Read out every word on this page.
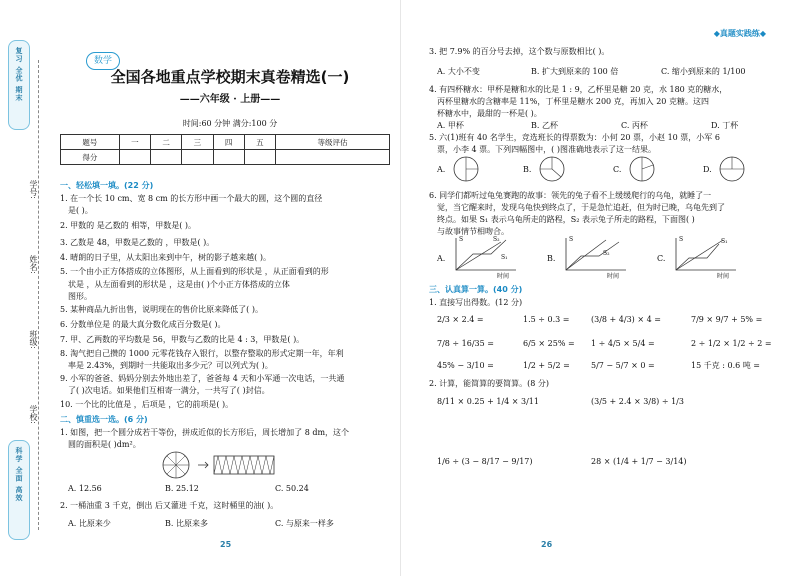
复习 全优 期末
科学 全面 高效
学号:
姓名:
班级:
学校:
数学
全国各地重点学校期末真卷精选(一)
——六年级 · 上册——
时间:60 分钟 满分:100 分
题号	一	二	三	四	五	等级评估
得分						
一、轻松填一填。(22 分)
1. 在一个长 10 cm、宽 8 cm 的长方形中画一个最大的圆，这个圆的直径
是( )。
2. 甲数的 是乙数的 相等，甲数是( )。
3. 乙数是 48，甲数是乙数的 ，甲数是( )。
4. 晴朗的日子里，从太阳出来到中午，树的影子越来越( )。
5. 一个由小正方体搭成的立体图形，从上面看到的形状是 ，从正面看到的形
状是 ，从左面看到的形状是 ，这是由( )个小正方体搭成的立体
图形。
5. 某种商品九折出售，说明现在的售价比原来降低了( )。
6. 分数单位是 的最大真分数化成百分数是( )。
7. 甲、乙两数的平均数是 56，甲数与乙数的比是 4 : 3，甲数是( )。
8. 淘气把自己攒的 1000 元零花钱存入银行，以整存整取的形式定期一年，年利
率是 2.43%，到期时一共能取出多少元？可以列式为( )。
9. 小军的爸爸、妈妈分别去外地出差了，爸爸每 4 天和小军通一次电话，一共通
了( )次电话。如果他们互相寄一满分，一共写了( )封信。
10. 一个比的比值是 ，后项是 ，它的前项是( )。
二、慎重选一选。(6 分)
1. 如图，把一个圆分成若干等份，拼成近似的长方形后，周长增加了 8 dm，这个
圆的面积是( )dm²。
A. 12.56	B. 25.12	C. 50.24
2. 一桶油重 3 千克，倒出 后又灌进 千克，这时桶里的油( )。
A. 比原来少	B. 比原来多	C. 与原来一样多
25
◆真题实践练◆
3. 把 7.9% 的百分号去掉，这个数与原数相比( )。
A. 大小不变	B. 扩大到原来的 100 倍	C. 缩小到原来的 1/100
4. 有四杯糖水：甲杯是糖和水的比是 1 : 9，乙杯里是糖 20 克，水 180 克的糖水，
丙杯里糖水的含糖率是 11%，丁杯里是糖水 200 克，再加入 20 克糖。这四
杯糖水中，最甜的一杯是( )。
A. 甲杯	B. 乙杯	C. 丙杯	D. 丁杯
5. 六(1)班有 40 名学生，竞选班长的得票数为：小何 20 票，小赵 10 票，小军 6
票，小李 4 票。下列四幅图中，( )图准确地表示了这一结果。
A.	B.	C.	D.
6. 同学们都听过龟兔赛跑的故事：领先的兔子看不上缓缓爬行的乌龟，就睡了一
觉，当它醒来时，发现乌龟快到终点了，于是急忙追赶，但为时已晚，乌龟先到了
终点。如果 S₁ 表示乌龟所走的路程，S₂ 表示兔子所走的路程，下面图( )
与故事情节相吻合。
A.
S	S₂
S₁
时间
B.
S
S₂
时间
C.
S	S₁
时间
三、认真算一算。(40 分)
1. 直接写出得数。(12 分)
2/3 × 2.4 =	1.5 ÷ 0.3 =	(3/8 + 4/3) × 4 =	7/9 × 9/7 + 5% =
7/8 ÷ 16/35 =	6/5 × 25% = 1 ÷ 4/5 × 5/4 =	2 ÷ 1/2 × 1/2 ÷ 2 =
45% − 3/10 =	1/2 + 5/2 =	5/7 − 5/7 × 0 =	15 千克 : 0.6 吨 =
2. 计算，能简算的要简算。(8 分)
8/11 × 0.25 + 1/4 × 3/11	(3/5 + 2.4 × 3/8) ÷ 1/3
1/6 ÷ (3 − 8/17 − 9/17)	28 × (1/4 + 1/7 − 3/14)
26
